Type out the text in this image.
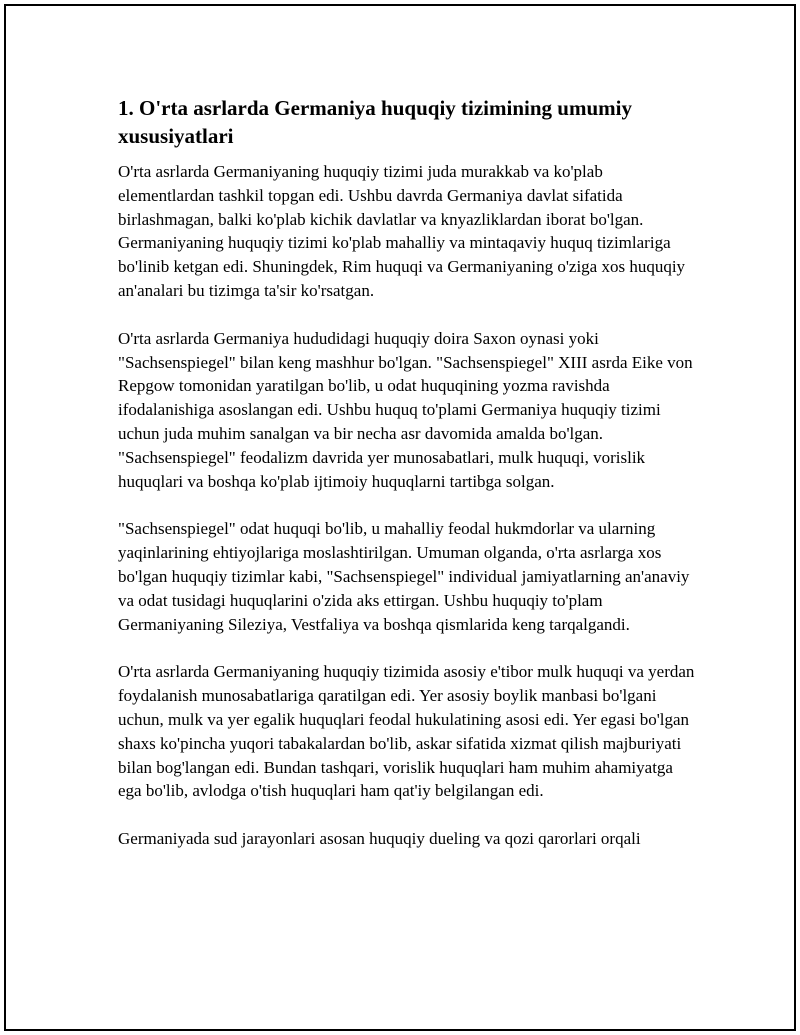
1. O'rta asrlarda Germaniya huquqiy tizimining umumiy xususiyatlari

O'rta asrlarda Germaniyaning huquqiy tizimi juda murakkab va ko'plab elementlardan tashkil topgan edi. Ushbu davrda Germaniya davlat sifatida birlashmagan, balki ko'plab kichik davlatlar va knyazliklardan iborat bo'lgan. Germaniyaning huquqiy tizimi ko'plab mahalliy va mintaqaviy huquq tizimlariga bo'linib ketgan edi. Shuningdek, Rim huquqi va Germaniyaning o'ziga xos huquqiy an'analari bu tizimga ta'sir ko'rsatgan.

O'rta asrlarda Germaniya hududidagi huquqiy doira Saxon oynasi yoki "Sachsenspiegel" bilan keng mashhur bo'lgan. "Sachsenspiegel" XIII asrda Eike von Repgow tomonidan yaratilgan bo'lib, u odat huquqining yozma ravishda ifodalanishiga asoslangan edi. Ushbu huquq to'plami Germaniya huquqiy tizimi uchun juda muhim sanalgan va bir necha asr davomida amalda bo'lgan. "Sachsenspiegel" feodalizm davrida yer munosabatlari, mulk huquqi, vorislik huquqlari va boshqa ko'plab ijtimoiy huquqlarni tartibga solgan.

"Sachsenspiegel" odat huquqi bo'lib, u mahalliy feodal hukmdorlar va ularning yaqinlarining ehtiyojlariga moslashtirilgan. Umuman olganda, o'rta asrlarga xos bo'lgan huquqiy tizimlar kabi, "Sachsenspiegel" individual jamiyatlarning an'anaviy va odat tusidagi huquqlarini o'zida aks ettirgan. Ushbu huquqiy to'plam Germaniyaning Sileziya, Vestfaliya va boshqa qismlarida keng tarqalgandi.

O'rta asrlarda Germaniyaning huquqiy tizimida asosiy e'tibor mulk huquqi va yerdan foydalanish munosabatlariga qaratilgan edi. Yer asosiy boylik manbasi bo'lgani uchun, mulk va yer egalik huquqlari feodal hukulatining asosi edi. Yer egasi bo'lgan shaxs ko'pincha yuqori tabakalardan bo'lib, askar sifatida xizmat qilish majburiyati bilan bog'langan edi. Bundan tashqari, vorislik huquqlari ham muhim ahamiyatga ega bo'lib, avlodga o'tish huquqlari ham qat'iy belgilangan edi.

Germaniyada sud jarayonlari asosan huquqiy dueling va qozi qarorlari orqali
